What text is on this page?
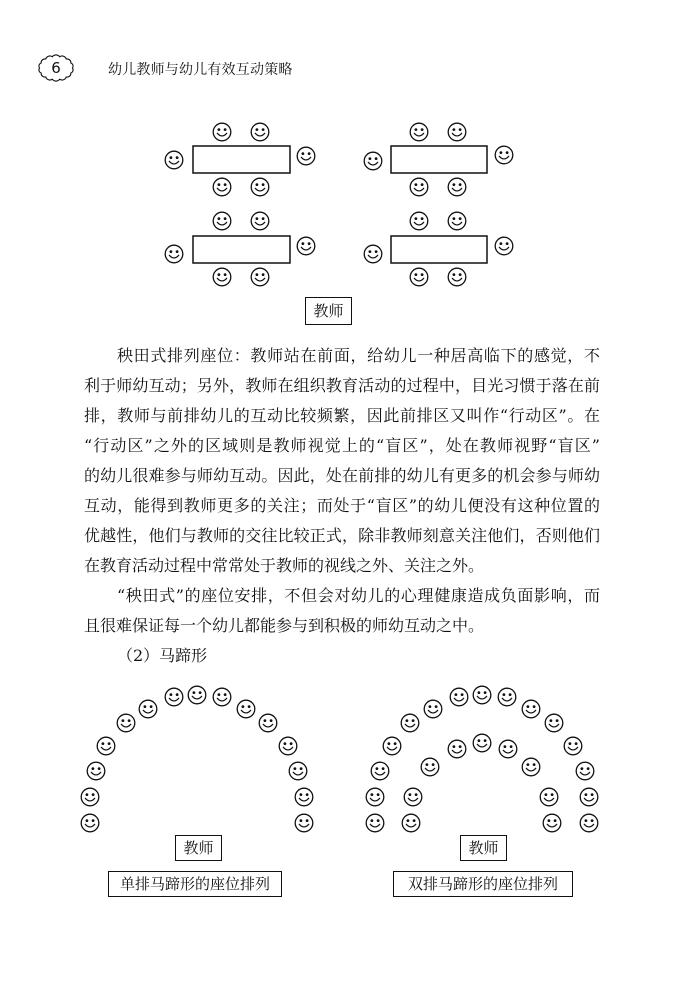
6	幼儿教师与幼儿有效互动策略
教师
秧田式排列座位：教师站在前面，给幼儿一种居高临下的感觉，不
利于师幼互动；另外，教师在组织教育活动的过程中，目光习惯于落在前
排，教师与前排幼儿的互动比较频繁，因此前排区又叫作“行动区”。在
“行动区”之外的区域则是教师视觉上的“盲区”，处在教师视野“盲区”
的幼儿很难参与师幼互动。因此，处在前排的幼儿有更多的机会参与师幼
互动，能得到教师更多的关注；而处于“盲区”的幼儿便没有这种位置的
优越性，他们与教师的交往比较正式，除非教师刻意关注他们，否则他们
在教育活动过程中常常处于教师的视线之外、关注之外。
“秧田式”的座位安排，不但会对幼儿的心理健康造成负面影响，而
且很难保证每一个幼儿都能参与到积极的师幼互动之中。
（2）马蹄形
教师	教师
单排马蹄形的座位排列	双排马蹄形的座位排列
